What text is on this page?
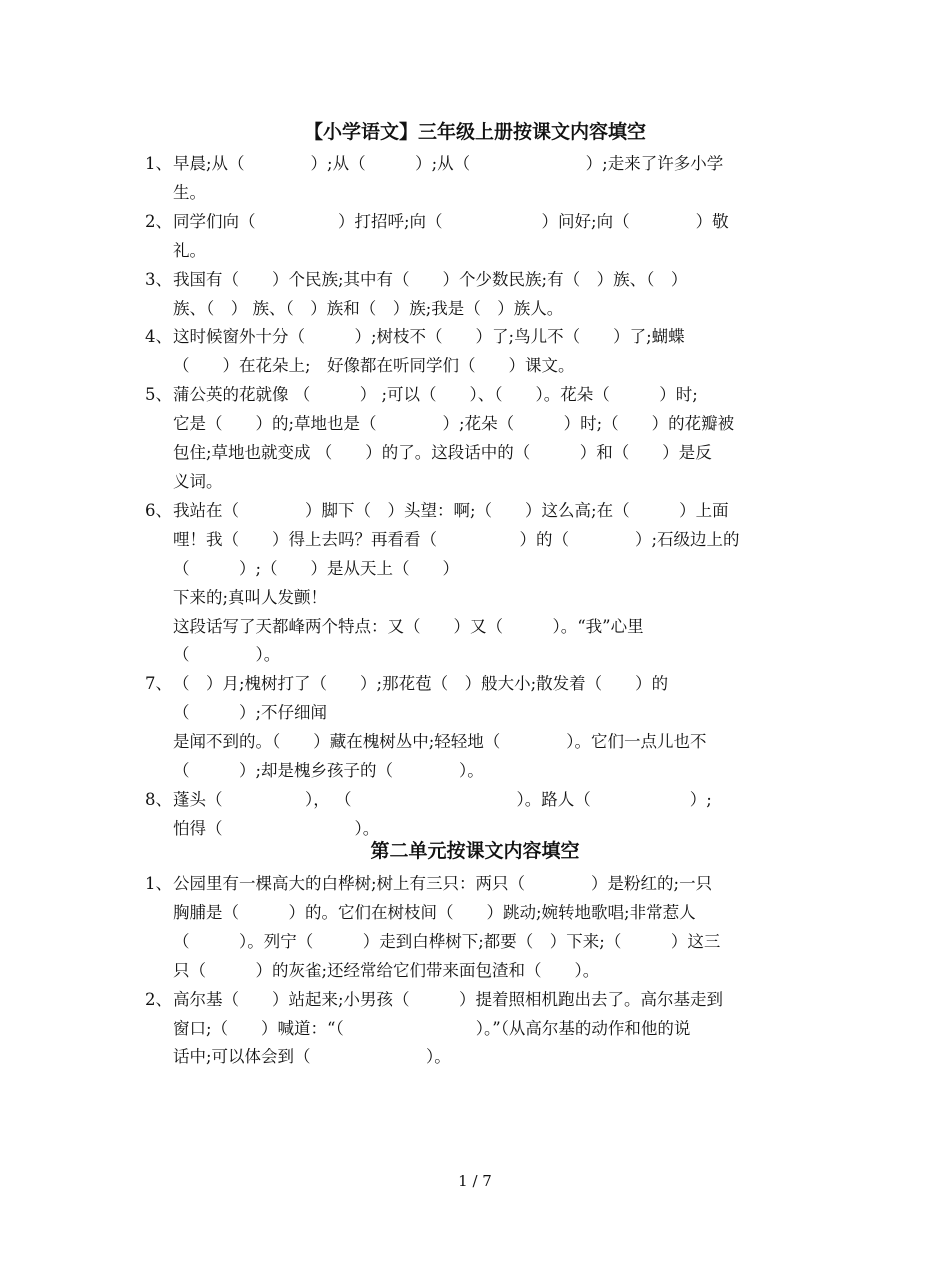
【小学语文】三年级上册按课文内容填空
1、 早晨;从（　　　　）;从（　　　）;从（　　　　　　　）;走来了许多小学
生。
2、 同学们向（　　　　　）打招呼;向（　　　　　　）问好;向（　　　　）敬
礼。
3、 我国有（　　）个民族;其中有（　　）个少数民族;有（　）族、（　）
族、（　） 族、（　）族和（　）族;我是（　）族人。
4、 这时候窗外十分（　　　）;树枝不（　　）了;鸟儿不（　　）了;蝴蝶
（　　）在花朵上;　好像都在听同学们（　　）课文。
5、 蒲公英的花就像 （　　　） ;可以（　　）、（　　）。花朵（　　　）时;
它是（　　）的;草地也是（　　　　）;花朵（　　　）时;（　　）的花瓣被
包住;草地也就变成 （　　）的了。这段话中的（　　　）和（　　）是反
义词。
6、 我站在（　　　　）脚下（　）头望：啊;（　　）这么高;在（　　　）上面
哩！我（　　）得上去吗？再看看（　　　　　）的（　　　　）;石级边上的
（　　　）;（　　）是从天上（　　）
下来的;真叫人发颤！
这段话写了天都峰两个特点：又（　　）又（　　　）。“我”心里
（　　　　）。
7、 （　）月;槐树打了（　　）;那花苞（　）般大小;散发着（　　）的
（　　　）;不仔细闻
是闻不到的。（　　）藏在槐树丛中;轻轻地（　　　　）。它们一点儿也不
（　　　）;却是槐乡孩子的（　　　　）。
8、 蓬头（　　　　　）， （　　　　　　　　　　）。路人（　　　　　　）;
怕得（　　　　　　　　）。
第二单元按课文内容填空
1、 公园里有一棵高大的白桦树;树上有三只：两只（　　　　）是粉红的;一只
胸脯是（　　　）的。它们在树枝间（　　）跳动;婉转地歌唱;非常惹人
（　　　）。列宁（　　　）走到白桦树下;都要（　）下来;（　　　）这三
只（　　　）的灰雀;还经常给它们带来面包渣和（　　）。
2、 高尔基（　　）站起来;小男孩（　　　）提着照相机跑出去了。高尔基走到
窗口;（　　）喊道：“（　　　　　　　　）。”（从高尔基的动作和他的说
话中;可以体会到（　　　　　　　）。
1 / 7
